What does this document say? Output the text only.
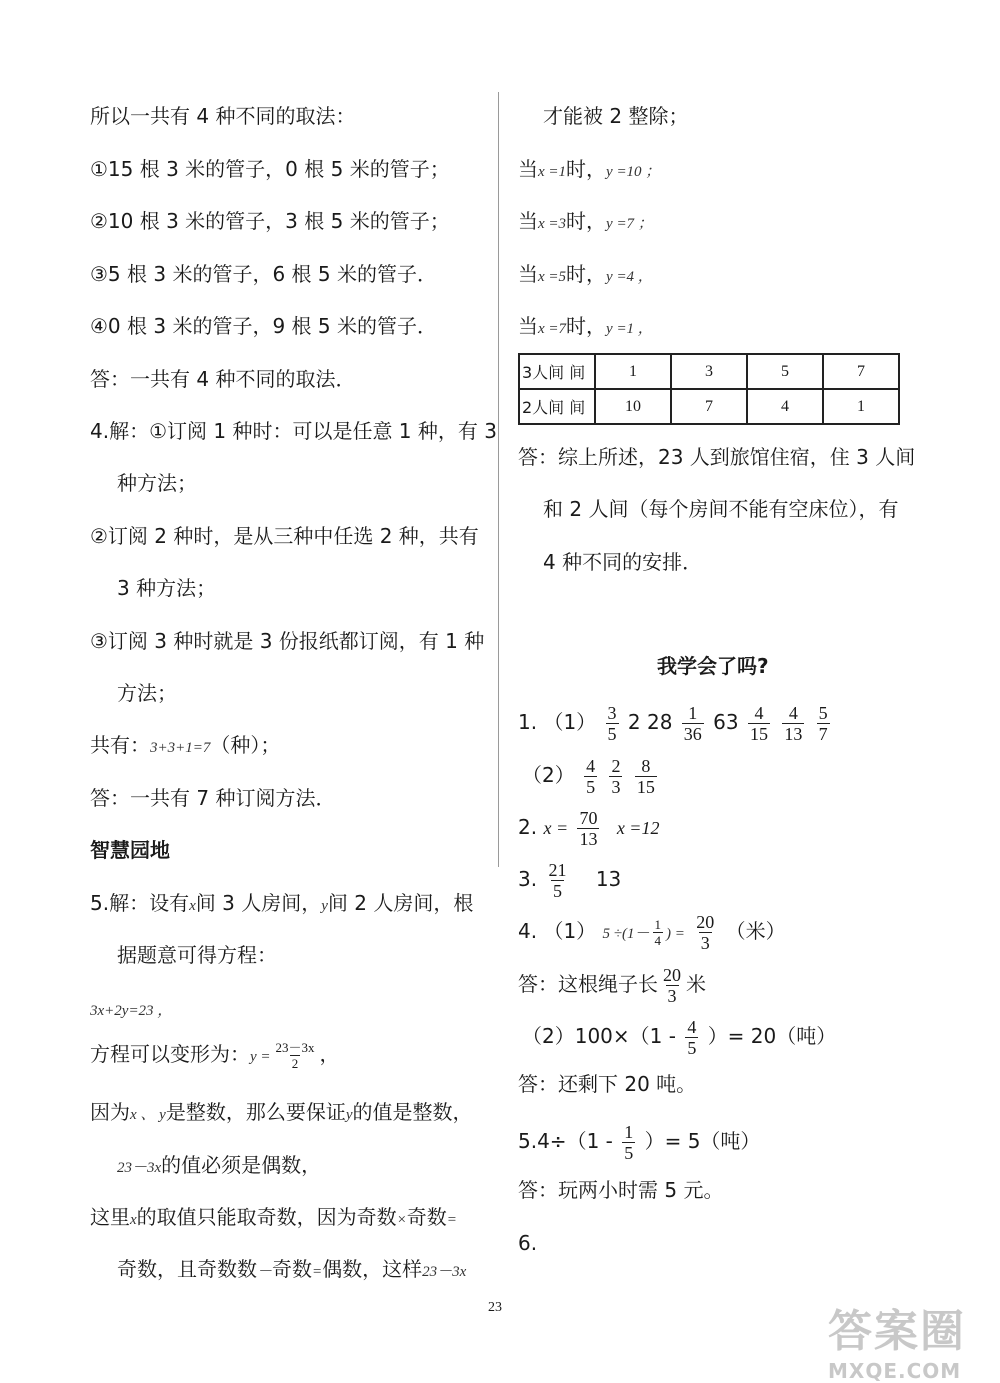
所以一共有 4 种不同的取法：
①15 根 3 米的管子，0 根 5 米的管子；
②10 根 3 米的管子，3 根 5 米的管子；
③5 根 3 米的管子，6 根 5 米的管子．
④0 根 3 米的管子，9 根 5 米的管子．
答：一共有 4 种不同的取法．
4.解：①订阅 1 种时：可以是任意 1 种，有 3
种方法；
②订阅 2 种时，是从三种中任选 2 种，共有
3 种方法；
③订阅 3 种时就是 3 份报纸都订阅，有 1 种
方法；
共有：3+3+1=7（种）；
答：一共有 7 种订阅方法．
智慧园地
5.解：设有x间 3 人房间，y间 2 人房间，根
据题意可得方程：
3x+2y=23 ，
方程可以变形为：$y = \frac{23-3x}{2}$ ，
因为x 、 y是整数，那么要保证y的值是整数，
23－3x的值必须是偶数，
这里x的取值只能取奇数，因为奇数×奇数=
奇数，且奇数数－奇数=偶数，这样23－3x
才能被 2 整除；
当x =1时，y =10 ；
当x =3时，y =7 ；
当x =5时，y =4 ，
当x =7时，y =1 ，
3人间 间	1	3	5	7
2人间 间	10	7	4	1
答：综上所述，23 人到旅馆住宿，住 3 人间
和 2 人间（每个房间不能有空床位），有
4 种不同的安排．
我学会了吗?
1. $(1) \frac{3}{5} 2$ $28 \frac{1}{36} 63 \frac{4}{15}$
$\frac{4}{13}$
$\frac{5}{7}$
$(2) \frac{4}{5}$
$\frac{2}{3}$
$\frac{8}{15}$
2. $x = \frac{70}{13}$ x =12
3. $\frac{21}{5} 13$
4. （1） $5 \div(1- \frac{1}{4}$ ) = $\frac{20}{3}$ （米）
答：这根绳子长 $\frac{20}{3}$ 米
$(2)100\times(1 - \frac{4}{5}$ ）= 20（吨）
答：还剩下 20 吨。
$5.4\div(1 - \frac{1}{5}$ ）= 5（吨）
答：玩两小时需 5 元。
6.
23	答案圈
MXQE.COM
